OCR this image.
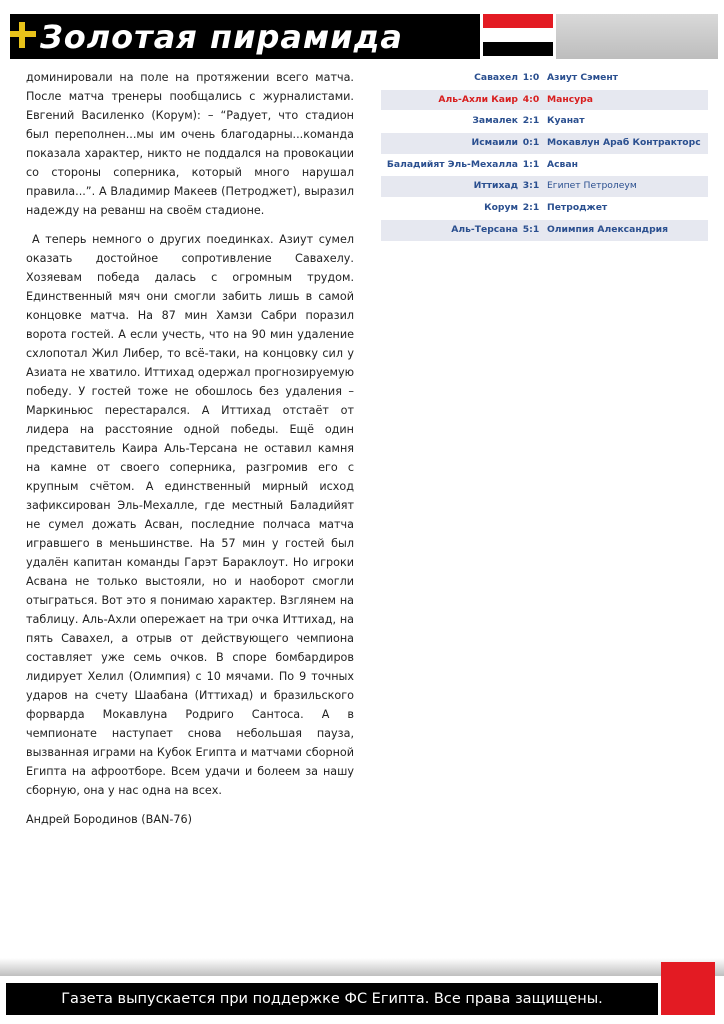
Золотая пирамида

доминировали на поле на протяжении всего матча. После матча тренеры пообщались с журналистами. Евгений Василенко (Корум): – “Радует, что стадион был переполнен...мы им очень благодарны...команда показала характер, никто не поддался на провокации со стороны соперника, который много нарушал правила...”. А Владимир Макеев (Петроджет), выразил надежду на реванш на своём стадионе.

А теперь немного о других поединках. Азиут сумел оказать достойное сопротивление Савахелу. Хозяевам победа далась с огромным трудом. Единственный мяч они смогли забить лишь в самой концовке матча. На 87 мин Хамзи Сабри поразил ворота гостей. А если учесть, что на 90 мин удаление схлопотал Жил Либер, то всё-таки, на концовку сил у Азиата не хватило. Иттихад одержал прогнозируемую победу. У гостей тоже не обошлось без удаления – Маркиньюс перестарался. А Иттихад отстаёт от лидера на расстояние одной победы. Ещё один представитель Каира Аль-Терсана не оставил камня на камне от своего соперника, разгромив его с крупным счётом. А единственный мирный исход зафиксирован Эль-Мехалле, где местный Баладийят не сумел дожать Асван, последние полчаса матча игравшего в меньшинстве. На 57 мин у гостей был удалён капитан команды Гарэт Бараклоут. Но игроки Асвана не только выстояли, но и наоборот смогли отыграться. Вот это я понимаю характер. Взглянем на таблицу. Аль-Ахли опережает на три очка Иттихад, на пять Савахел, а отрыв от действующего чемпиона составляет уже семь очков. В споре бомбардиров лидирует Хелил (Олимпия) с 10 мячами. По 9 точных ударов на счету Шаабана (Иттихад) и бразильского форварда Мокавлуна Родриго Сантоса. А в чемпионате наступает снова небольшая пауза, вызванная играми на Кубок Египта и матчами сборной Египта на афроотборе. Всем удачи и болеем за нашу сборную, она у нас одна на всех.

Андрей Бородинов (BAN-76)
Савахел 1:0 Азиут Сэмент
Аль-Ахли Каир 4:0 Мансура
Замалек 2:1 Куанат
Исмаили 0:1 Мокавлун Араб Контракторс
Баладийят Эль-Мехалла 1:1 Асван
Иттихад 3:1 Египет Петролеум
Корум 2:1 Петроджет
Аль-Терсана 5:1 Олимпия Александрия
Газета выпускается при поддержке ФС Египта. Все права защищены.
